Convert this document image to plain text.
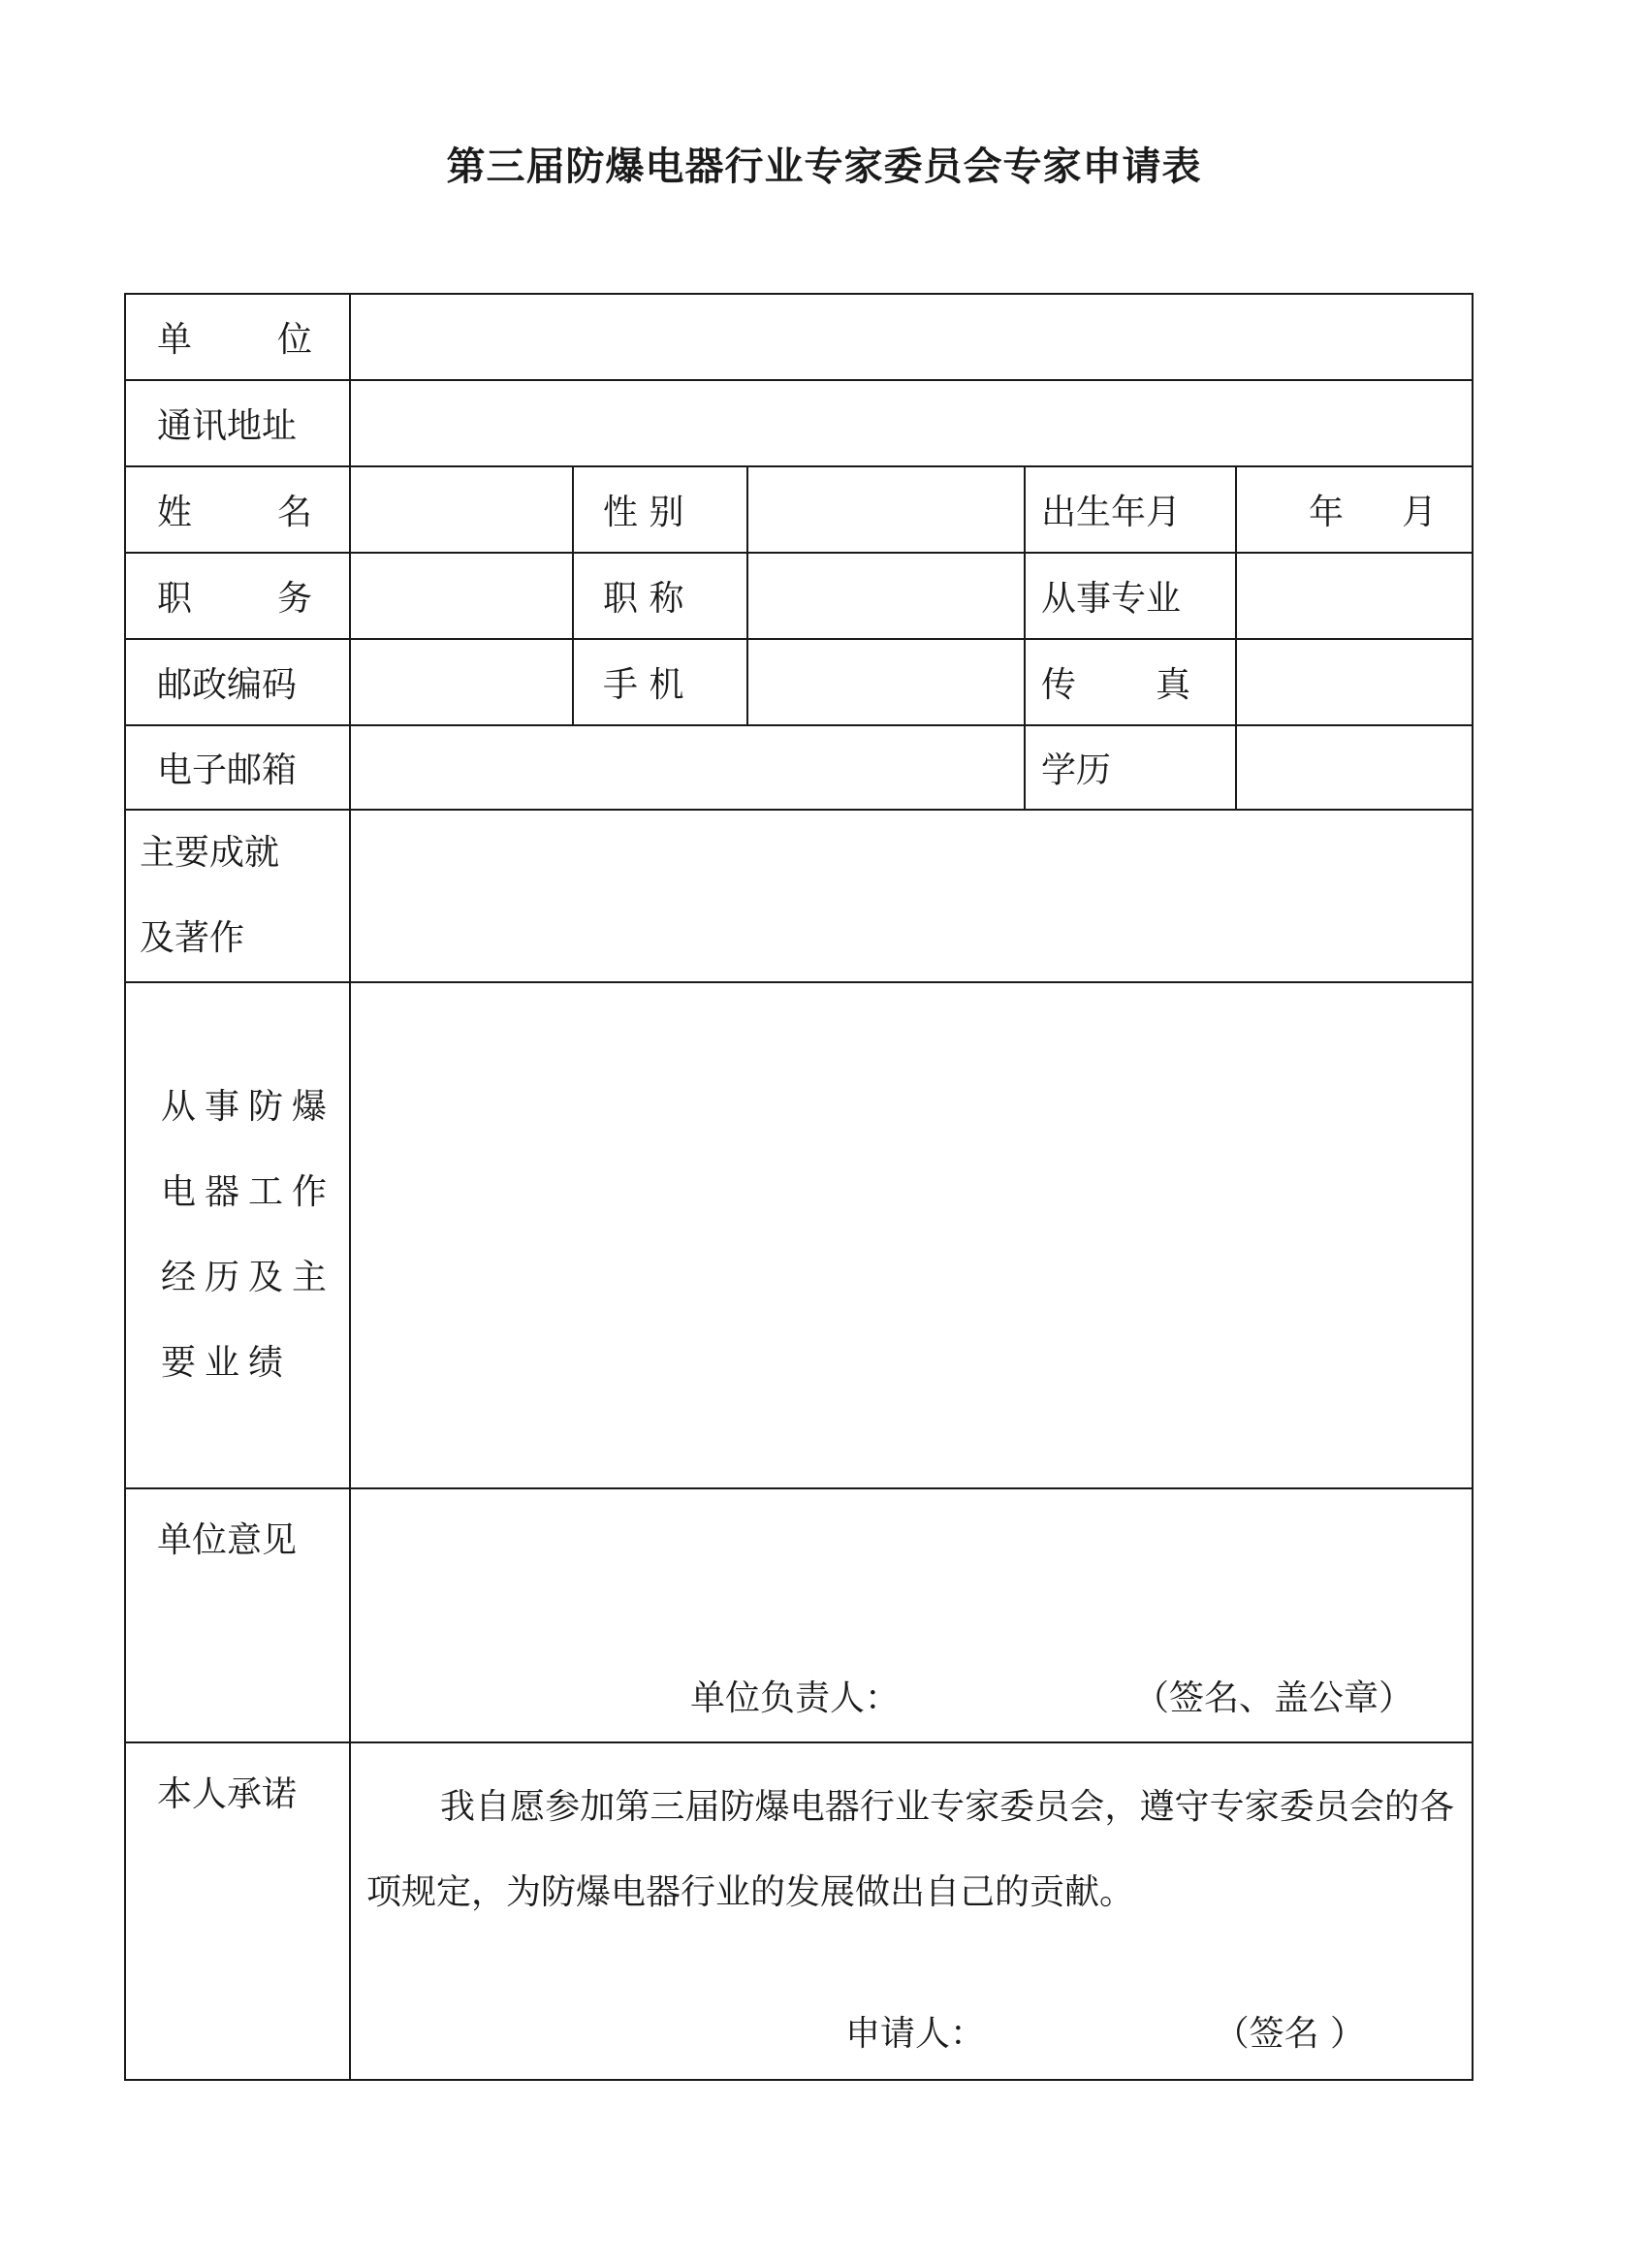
第三届防爆电器行业专家委员会专家申请表
单 位					

通讯地址					

姓 名		性 别		出生年月	年 月

职 务		职 称		从事专业	
邮政编码		手 机		传 真	

电子邮箱				学历	

主要成就
及著作					

从事防爆
电器工作
经历及主
要业绩					

单位意见	单位负责人： （签名、盖公章）				

本人承诺	我自愿参加第三届防爆电器行业专家委员会，遵守专家委员会的各项规定，为防爆电器行业的发展做出自己的贡献。
申请人： （签名 ）				
